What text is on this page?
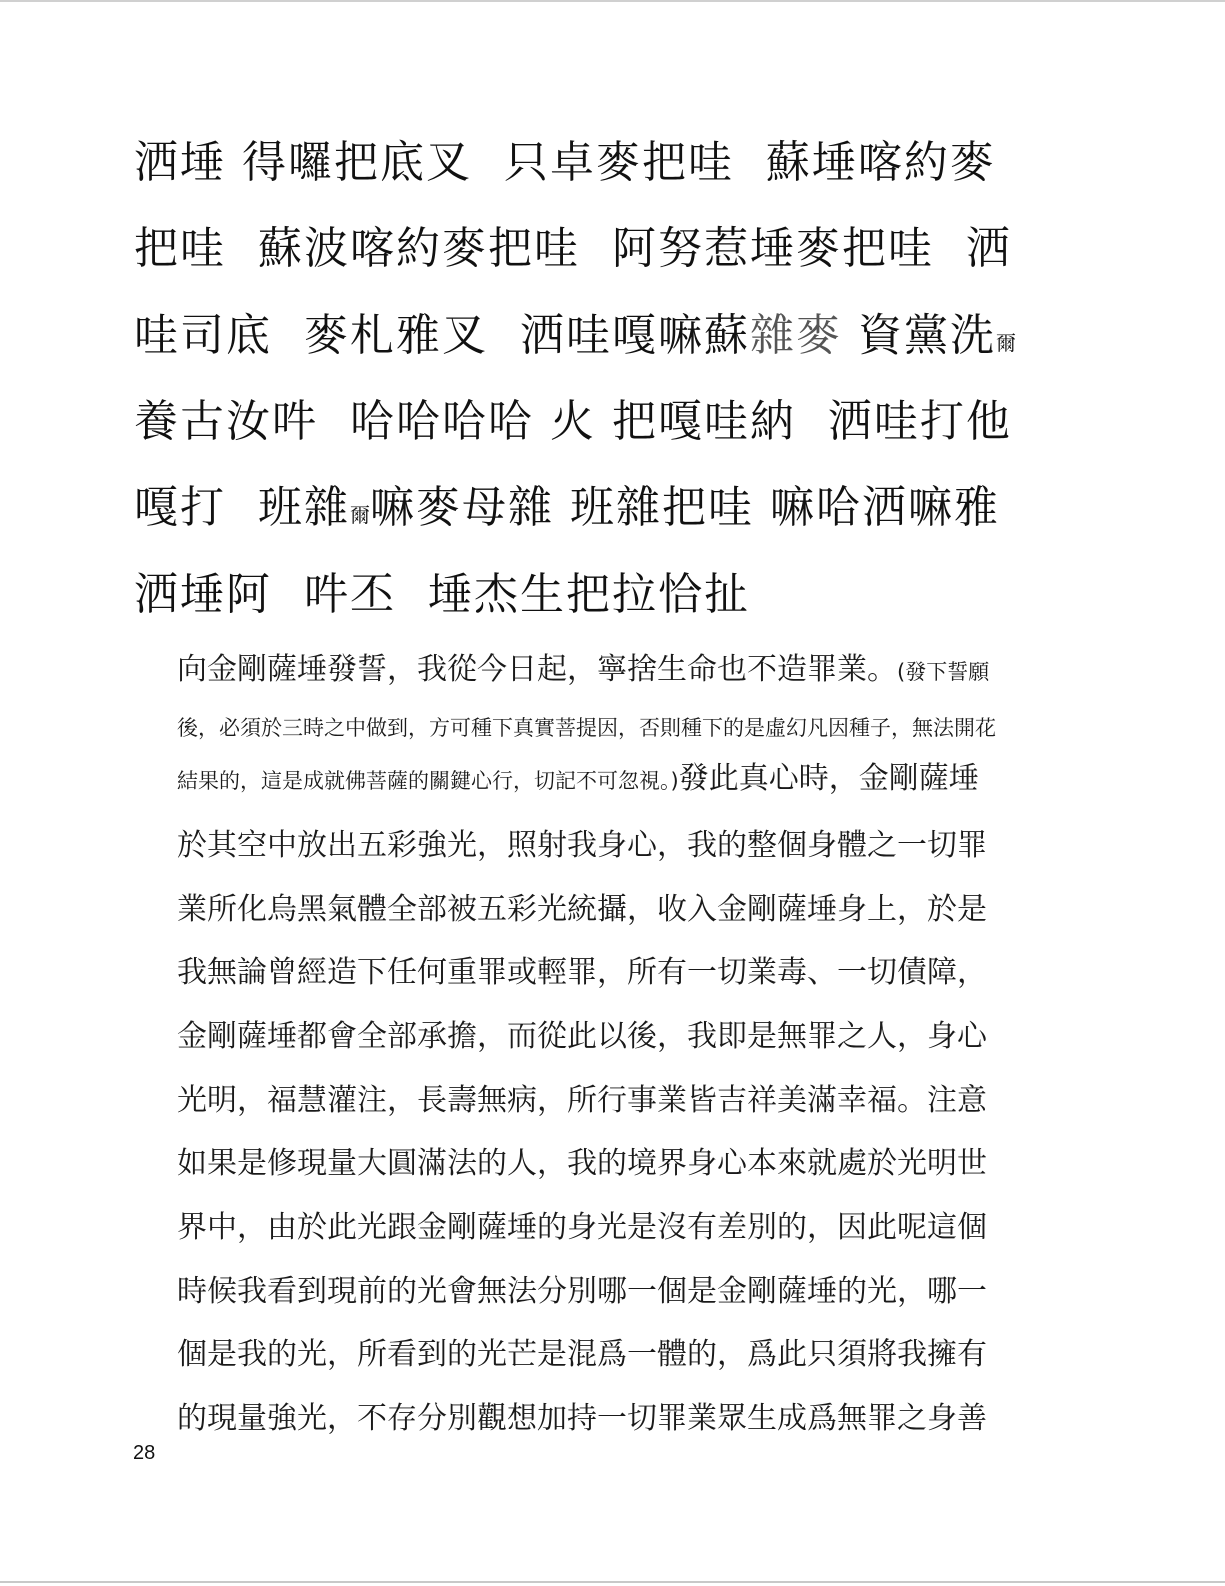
洒埵 得囉把底叉  只卓麥把哇  蘇埵喀約麥
把哇  蘇波喀約麥把哇  阿努惹埵麥把哇  洒
哇司底  麥札雅叉  洒哇嘎嘛蘇雜麥 資黨洗爾
養古汝吽  哈哈哈哈 火 把嘎哇納  洒哇打他
嘎打  班雜爾嘛麥母雜 班雜把哇 嘛哈洒嘛雅
洒埵阿  吽丕  埵杰生把拉恰扯
向金剛薩埵發誓，我從今日起，寧捨生命也不造罪業。(發下誓願
後，必須於三時之中做到，方可種下真實菩提因，否則種下的是虛幻凡因種子，無法開花
結果的，這是成就佛菩薩的關鍵心行，切記不可忽視。)發此真心時，金剛薩埵
於其空中放出五彩強光，照射我身心，我的整個身體之一切罪
業所化烏黑氣體全部被五彩光統攝，收入金剛薩埵身上，於是
我無論曾經造下任何重罪或輕罪，所有一切業毒、一切債障，
金剛薩埵都會全部承擔，而從此以後，我即是無罪之人，身心
光明，福慧灌注，長壽無病，所行事業皆吉祥美滿幸福。注意
如果是修現量大圓滿法的人，我的境界身心本來就處於光明世
界中，由於此光跟金剛薩埵的身光是沒有差別的，因此呢這個
時候我看到現前的光會無法分別哪一個是金剛薩埵的光，哪一
個是我的光，所看到的光芒是混爲一體的，爲此只須將我擁有
的現量強光，不存分別觀想加持一切罪業眾生成爲無罪之身善
28
